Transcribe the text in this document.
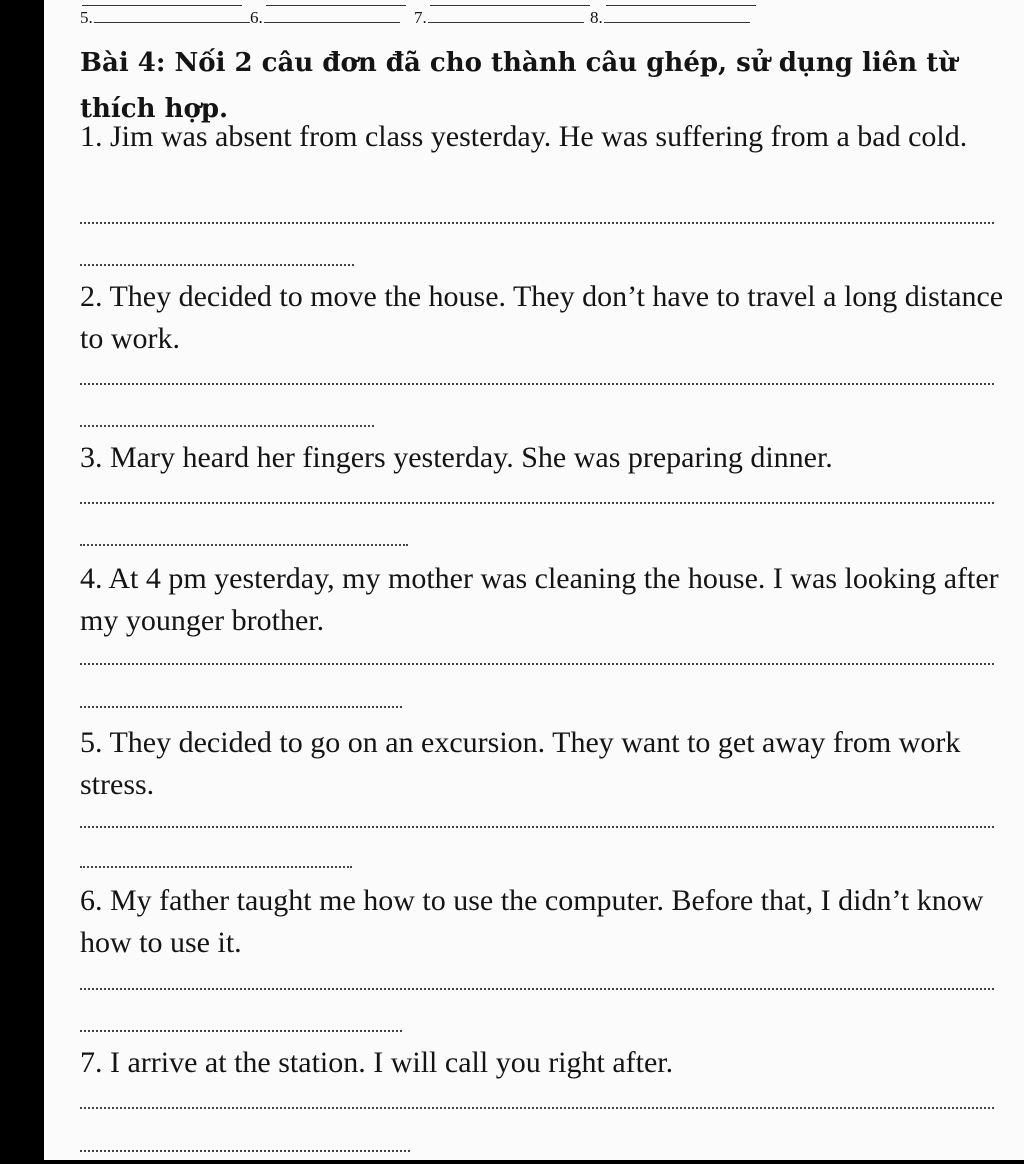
5.	6.	7.	8.
Bài 4: Nối 2 câu đơn đã cho thành câu ghép, sử dụng liên từ thích hợp.
1. Jim was absent from class yesterday. He was suffering from a bad cold.
2. They decided to move the house. They don’t have to travel a long distance to work.
3. Mary heard her fingers yesterday. She was preparing dinner.
4. At 4 pm yesterday, my mother was cleaning the house. I was looking after my younger brother.
5. They decided to go on an excursion. They want to get away from work stress.
6. My father taught me how to use the computer. Before that, I didn’t know how to use it.
7. I arrive at the station. I will call you right after.
